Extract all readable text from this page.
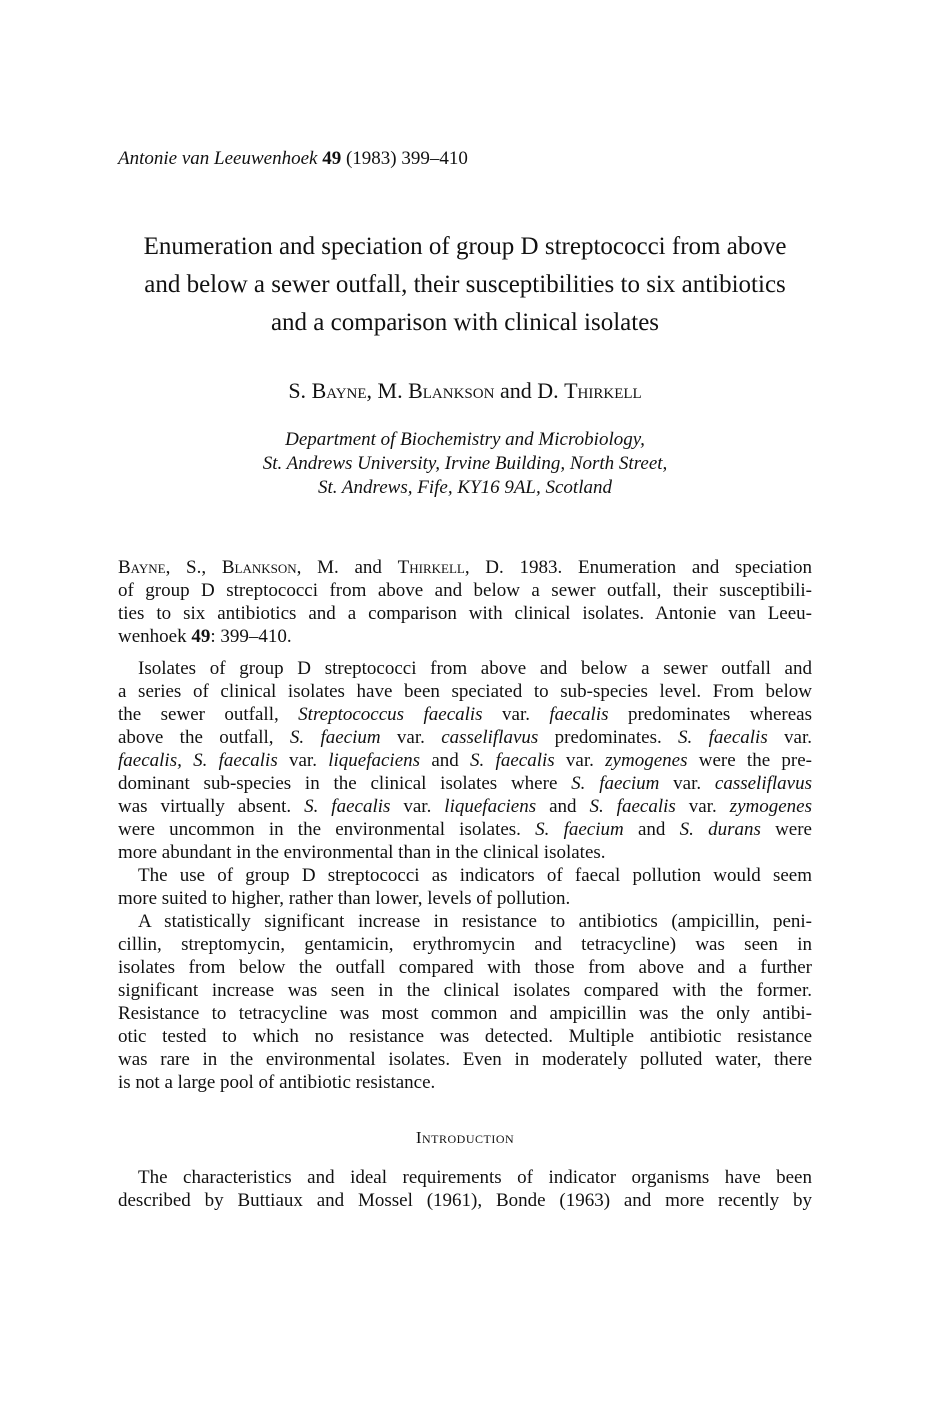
Antonie van Leeuwenhoek 49 (1983) 399–410
Enumeration and speciation of group D streptococci from above
and below a sewer outfall, their susceptibilities to six antibiotics
and a comparison with clinical isolates
S. Bayne, M. Blankson and D. Thirkell
Department of Biochemistry and Microbiology,
St. Andrews University, Irvine Building, North Street,
St. Andrews, Fife, KY16 9AL, Scotland
Bayne, S., Blankson, M. and Thirkell, D. 1983. Enumeration and speciation
of group D streptococci from above and below a sewer outfall, their susceptibili-
ties to six antibiotics and a comparison with clinical isolates. Antonie van Leeu-
wenhoek 49: 399–410.
Isolates of group D streptococci from above and below a sewer outfall and
a series of clinical isolates have been speciated to sub-species level. From below
the sewer outfall, Streptococcus faecalis var. faecalis predominates whereas
above the outfall, S. faecium var. casseliflavus predominates. S. faecalis var.
faecalis, S. faecalis var. liquefaciens and S. faecalis var. zymogenes were the pre-
dominant sub-species in the clinical isolates where S. faecium var. casseliflavus
was virtually absent. S. faecalis var. liquefaciens and S. faecalis var. zymogenes
were uncommon in the environmental isolates. S. faecium and S. durans were
more abundant in the environmental than in the clinical isolates.
The use of group D streptococci as indicators of faecal pollution would seem
more suited to higher, rather than lower, levels of pollution.
A statistically significant increase in resistance to antibiotics (ampicillin, peni-
cillin, streptomycin, gentamicin, erythromycin and tetracycline) was seen in
isolates from below the outfall compared with those from above and a further
significant increase was seen in the clinical isolates compared with the former.
Resistance to tetracycline was most common and ampicillin was the only antibi-
otic tested to which no resistance was detected. Multiple antibiotic resistance
was rare in the environmental isolates. Even in moderately polluted water, there
is not a large pool of antibiotic resistance.
Introduction
The characteristics and ideal requirements of indicator organisms have been
described by Buttiaux and Mossel (1961), Bonde (1963) and more recently by
